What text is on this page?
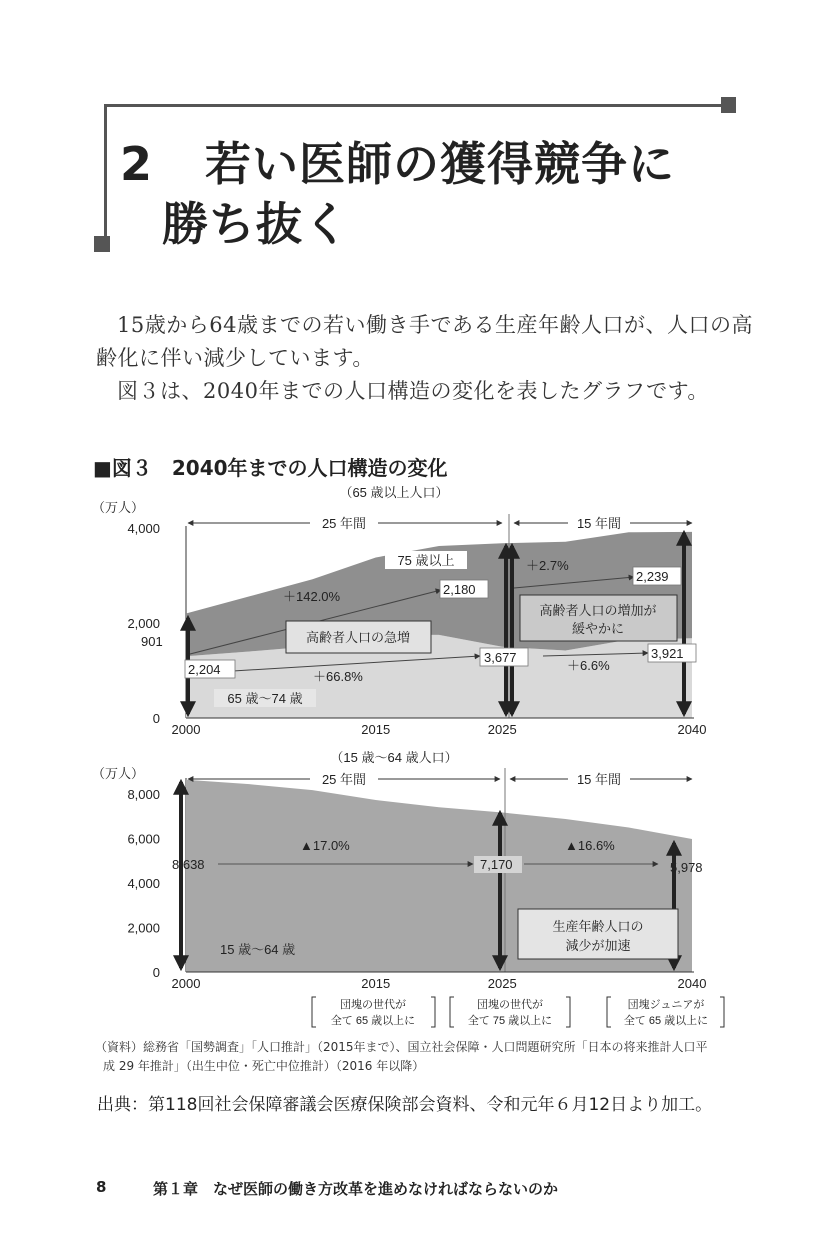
2 若い医師の獲得競争に
勝ち抜く
15歳から64歳までの若い働き手である生産年齢人口が、人口の高
齢化に伴い減少しています。
図３は、2040年までの人口構造の変化を表したグラフです。
■図３　2040年までの人口構造の変化
（65 歳以上人口）
（万人）
4,000
2,000
0
2000	2015	2025	2040
25 年間	15 年間
901
2,204
2,180
3,677
2,239
3,921
＋142.0%
＋66.8%
＋2.7%
＋6.6%
75 歳以上
65 歳～74 歳
高齢者人口の急増
高齢者人口の増加が
緩やかに
（15 歳～64 歳人口）
（万人）
8,000
6,000
4,000
2,000
0
2000	2015	2025	2040
25 年間	15 年間
8,638	7,170	5,978
▲17.0%	▲16.6%
15 歳～64 歳
生産年齢人口の
減少が加速
団塊の世代が
全て 65 歳以上に
団塊の世代が
全て 75 歳以上に
団塊ジュニアが
全て 65 歳以上に
（資料）総務省「国勢調査」「人口推計」（2015年まで）、国立社会保障・人口問題研究所「日本の将来推計人口平
成 29 年推計」（出生中位・死亡中位推計）（2016 年以降）
出典：第118回社会保障審議会医療保険部会資料、令和元年６月12日より加工。
8	第１章　なぜ医師の働き方改革を進めなければならないのか
